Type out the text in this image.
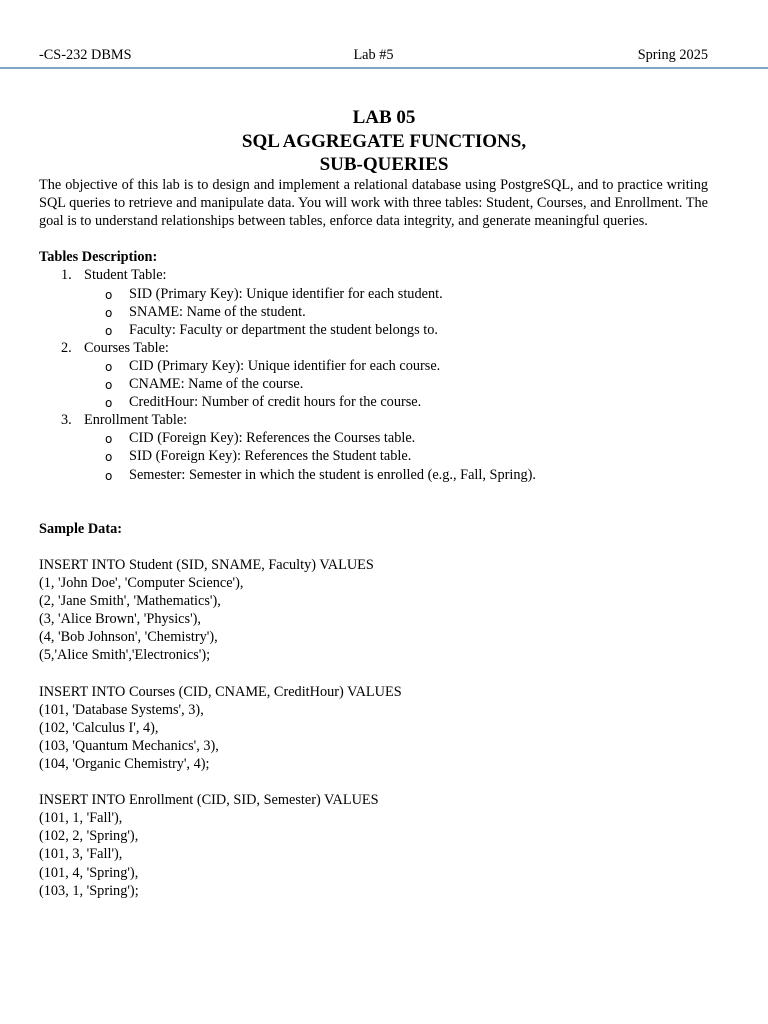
-CS-232 DBMS	Lab #5	Spring 2025
LAB 05
SQL AGGREGATE FUNCTIONS,
SUB-QUERIES

The objective of this lab is to design and implement a relational database using PostgreSQL, and to practice writing SQL queries to retrieve and manipulate data. You will work with three tables: Student, Courses, and Enrollment. The goal is to understand relationships between tables, enforce data integrity, and generate meaningful queries.

Tables Description:
1. Student Table:
o SID (Primary Key): Unique identifier for each student.
o SNAME: Name of the student.
o Faculty: Faculty or department the student belongs to.
2. Courses Table:
o CID (Primary Key): Unique identifier for each course.
o CNAME: Name of the course.
o CreditHour: Number of credit hours for the course.
3. Enrollment Table:
o CID (Foreign Key): References the Courses table.
o SID (Foreign Key): References the Student table.
o Semester: Semester in which the student is enrolled (e.g., Fall, Spring).
Sample Data:
INSERT INTO Student (SID, SNAME, Faculty) VALUES
(1, 'John Doe', 'Computer Science'),
(2, 'Jane Smith', 'Mathematics'),
(3, 'Alice Brown', 'Physics'),
(4, 'Bob Johnson', 'Chemistry'),
(5,'Alice Smith','Electronics');
INSERT INTO Courses (CID, CNAME, CreditHour) VALUES
(101, 'Database Systems', 3),
(102, 'Calculus I', 4),
(103, 'Quantum Mechanics', 3),
(104, 'Organic Chemistry', 4);
INSERT INTO Enrollment (CID, SID, Semester) VALUES
(101, 1, 'Fall'),
(102, 2, 'Spring'),
(101, 3, 'Fall'),
(101, 4, 'Spring'),
(103, 1, 'Spring');
